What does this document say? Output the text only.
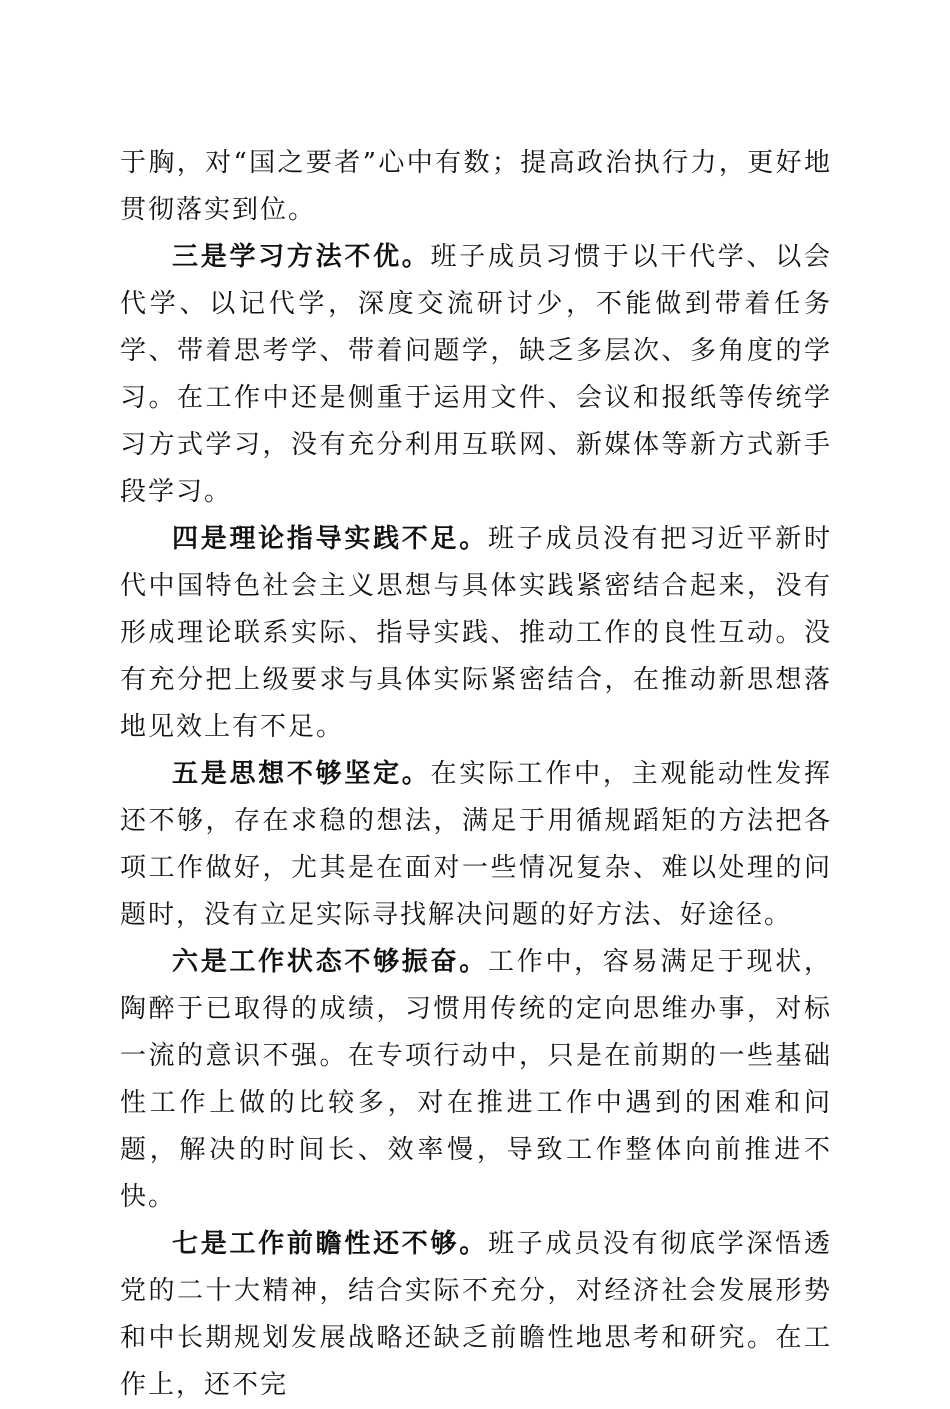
于胸，对“国之要者”心中有数；提高政治执行力，更好地贯彻落实到位。

三是学习方法不优。班子成员习惯于以干代学、以会代学、以记代学，深度交流研讨少，不能做到带着任务学、带着思考学、带着问题学，缺乏多层次、多角度的学习。在工作中还是侧重于运用文件、会议和报纸等传统学习方式学习，没有充分利用互联网、新媒体等新方式新手段学习。

四是理论指导实践不足。班子成员没有把习近平新时代中国特色社会主义思想与具体实践紧密结合起来，没有形成理论联系实际、指导实践、推动工作的良性互动。没有充分把上级要求与具体实际紧密结合，在推动新思想落地见效上有不足。

五是思想不够坚定。在实际工作中，主观能动性发挥还不够，存在求稳的想法，满足于用循规蹈矩的方法把各项工作做好，尤其是在面对一些情况复杂、难以处理的问题时，没有立足实际寻找解决问题的好方法、好途径。

六是工作状态不够振奋。工作中，容易满足于现状，陶醉于已取得的成绩，习惯用传统的定向思维办事，对标一流的意识不强。在专项行动中，只是在前期的一些基础性工作上做的比较多，对在推进工作中遇到的困难和问题，解决的时间长、效率慢，导致工作整体向前推进不快。

七是工作前瞻性还不够。班子成员没有彻底学深悟透党的二十大精神，结合实际不充分，对经济社会发展形势和中长期规划发展战略还缺乏前瞻性地思考和研究。在工作上，还不完
